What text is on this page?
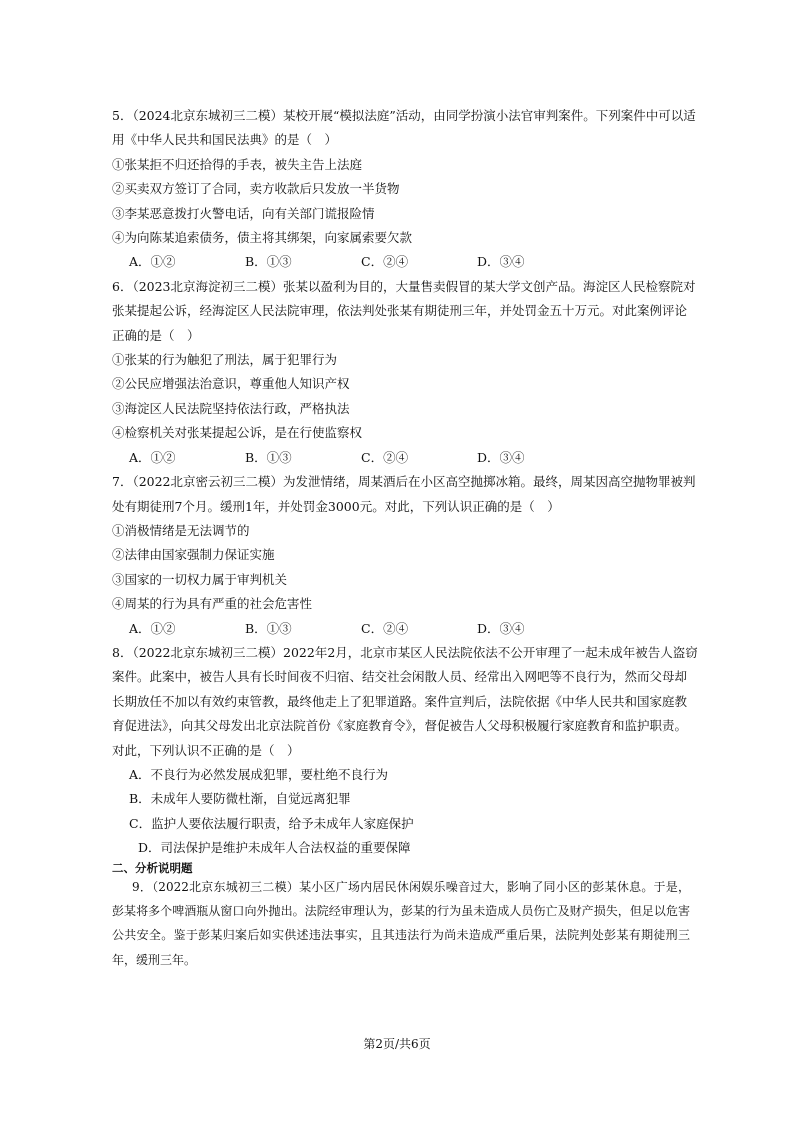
5．（2024北京东城初三二模）某校开展“模拟法庭”活动，由同学扮演小法官审判案件。下列案件中可以适
用《中华人民共和国民法典》的是（　）
①张某拒不归还拾得的手表，被失主告上法庭
②买卖双方签订了合同，卖方收款后只发放一半货物
③李某恶意拨打火警电话，向有关部门谎报险情
④为向陈某追索债务，债主将其绑架，向家属索要欠款
A．①②	B．①③	C．②④	D．③④
6．（2023北京海淀初三二模）张某以盈利为目的，大量售卖假冒的某大学文创产品。海淀区人民检察院对
张某提起公诉，经海淀区人民法院审理，依法判处张某有期徒刑三年，并处罚金五十万元。对此案例评论
正确的是（　）
①张某的行为触犯了刑法，属于犯罪行为
②公民应增强法治意识，尊重他人知识产权
③海淀区人民法院坚持依法行政，严格执法
④检察机关对张某提起公诉，是在行使监察权
A．①②	B．①③	C．②④	D．③④
7．（2022北京密云初三二模）为发泄情绪，周某酒后在小区高空抛掷冰箱。最终，周某因高空抛物罪被判
处有期徒刑7个月。缓刑1年，并处罚金3000元。对此，下列认识正确的是（　）
①消极情绪是无法调节的
②法律由国家强制力保证实施
③国家的一切权力属于审判机关
④周某的行为具有严重的社会危害性
A．①②	B．①③	C．②④	D．③④
8．（2022北京东城初三二模）2022年2月，北京市某区人民法院依法不公开审理了一起未成年被告人盗窃
案件。此案中，被告人具有长时间夜不归宿、结交社会闲散人员、经常出入网吧等不良行为，然而父母却
长期放任不加以有效约束管教，最终他走上了犯罪道路。案件宣判后，法院依据《中华人民共和国家庭教
育促进法》，向其父母发出北京法院首份《家庭教育令》，督促被告人父母积极履行家庭教育和监护职责。
对此，下列认识不正确的是（　）
A．不良行为必然发展成犯罪，要杜绝不良行为
B．未成年人要防微杜渐，自觉远离犯罪
C．监护人要依法履行职责，给予未成年人家庭保护
D．司法保护是维护未成年人合法权益的重要保障
二、分析说明题
9．（2022北京东城初三二模）某小区广场内居民休闲娱乐噪音过大，影响了同小区的彭某休息。于是，彭某将多个啤酒瓶从窗口向外抛出。法院经审理认为，彭某的行为虽未造成人员伤亡及财产损失，但足以危害公共安全。鉴于彭某归案后如实供述违法事实，且其违法行为尚未造成严重后果，法院判处彭某有期徒刑三年，缓刑三年。
第2页/共6页
